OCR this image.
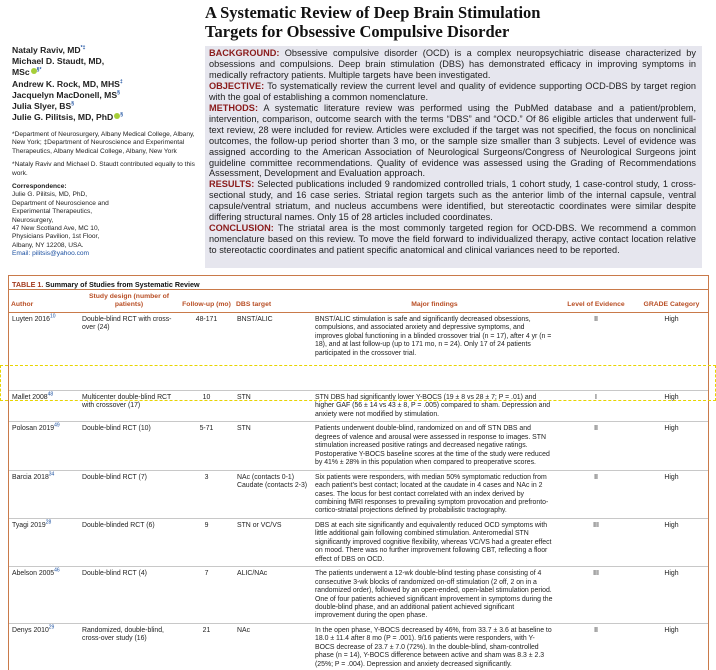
A Systematic Review of Deep Brain Stimulation
Targets for Obsessive Compulsive Disorder
Nataly Raviv, MD*‡
Michael D. Staudt, MD,
MSc §*
Andrew K. Rock, MD, MHS‡
Jacquelyn MacDonell, MS§
Julia Slyer, BS§
Julie G. Pilitsis, MD, PhD §

*Department of Neurosurgery, Albany Medical College, Albany, New York; ‡Department of Neuroscience and Experimental Therapeutics, Albany Medical College, Albany, New York

*Nataly Raviv and Michael D. Staudt contributed equally to this work.

Correspondence:
Julie G. Pilitsis, MD, PhD,
Department of Neuroscience and
Experimental Therapeutics,
Neurosurgery,
47 New Scotland Ave, MC 10,
Physicians Pavilion, 1st Floor,
Albany, NY 12208, USA.
Email: pilitsis@yahoo.com

BACKGROUND: Obsessive compulsive disorder (OCD) is a complex neuropsychiatric disease characterized by obsessions and compulsions. Deep brain stimulation (DBS) has demonstrated efficacy in improving symptoms in medically refractory patients. Multiple targets have been investigated.

OBJECTIVE: To systematically review the current level and quality of evidence supporting OCD-DBS by target region with the goal of establishing a common nomenclature.

METHODS: A systematic literature review was performed using the PubMed database and a patient/problem, intervention, comparison, outcome search with the terms “DBS” and “OCD.” Of 86 eligible articles that underwent full-text review, 28 were included for review. Articles were excluded if the target was not specified, the focus on nonclinical outcomes, the follow-up period shorter than 3 mo, or the sample size smaller than 3 subjects. Level of evidence was assigned according to the American Association of Neurological Surgeons/Congress of Neurological Surgeons joint guideline committee recommendations. Quality of evidence was assessed using the Grading of Recommendations Assessment, Development and Evaluation approach.

RESULTS: Selected publications included 9 randomized controlled trials, 1 cohort study, 1 case-control study, 1 cross-sectional study, and 16 case series. Striatal region targets such as the anterior limb of the internal capsule, ventral capsule/ventral striatum, and nucleus accumbens were identified, but stereotactic coordinates were similar despite differing structural names. Only 15 of 28 articles included coordinates.

CONCLUSION: The striatal area is the most commonly targeted region for OCD-DBS. We recommend a common nomenclature based on this review. To move the field forward to individualized therapy, active contact location relative to stereotactic coordinates and patient specific anatomical and clinical variances need to be reported.

TABLE 1. Summary of Studies from Systematic Review
Author	Study design (number of patients)	Follow-up (mo)	DBS target	Major findings	Level of Evidence	GRADE Category
Luyten 2016$^{10}$	Double-blind RCT with cross-over (24)	48-171	BNST/ALIC	BNST/ALIC stimulation is safe and significantly decreased obsessions, compulsions, and associated anxiety and depressive symptoms, and improves global functioning in a blinded crossover trial (n = 17), after 4 yr (n = 18), and at last follow-up (up to 171 mo, n = 24). Only 17 of 24 patients participated in the crossover trial.	II	High
Mallet 2008$^{48}$	Multicenter double-blind RCT with crossover (17)	10	STN	STN DBS had significantly lower Y-BOCS (19 ± 8 vs 28 ± 7; P = .01) and higher GAF (56 ± 14 vs 43 ± 8, P = .005) compared to sham. Depression and anxiety were not modified by stimulation.	I	High
Polosan 2019$^{49}$	Double-blind RCT (10)	5-71	STN	Patients underwent double-blind, randomized on and off STN DBS and degrees of valence and arousal were assessed in response to images. STN stimulation increased positive ratings and decreased negative ratings. Postoperative Y-BOCS baseline scores at the time of the study were reduced by 41% ± 28% in this population when compared to preoperative scores.	II	High
Barcia 2018$^{34}$	Double-blind RCT (7)	3	NAc (contacts 0-1) Caudate (contacts 2-3)	Six patients were responders, with median 50% symptomatic reduction from each patient’s best contact; located at the caudate in 4 cases and NAc in 2 cases. The locus for best contact correlated with an index derived by combining fMRI responses to prevailing symptom provocation and prefronto-cortico-striatal projections defined by probabilistic tractography.	II	High
Tyagi 2019$^{28}$	Double-blinded RCT (6)	9	STN or VC/VS	DBS at each site significantly and equivalently reduced OCD symptoms with little additional gain following combined stimulation. Anteromedial STN significantly improved cognitive flexibility, whereas VC/VS had a greater effect on mood. There was no further improvement following CBT, reflecting a floor effect of DBS on OCD.	III	High
Abelson 2005$^{46}$	Double-blind RCT (4)	7	ALIC/NAc	The patients underwent a 12-wk double-blind testing phase consisting of 4 consecutive 3-wk blocks of randomized on-off stimulation (2 off, 2 on in a randomized order), followed by an open-ended, open-label stimulation period. One of four patients achieved significant improvement in symptoms during the double-blind phase, and an additional patient achieved significant improvement during the open phase.	III	High
Denys 2010$^{29}$	Randomized, double-blind, cross-over study (16)	21	NAc	In the open phase, Y-BOCS decreased by 46%, from 33.7 ± 3.6 at baseline to 18.0 ± 11.4 after 8 mo (P = .001). 9/16 patients were responders, with Y-BOCS decrease of 23.7 ± 7.0 (72%). In the double-blind, sham-controlled phase (n = 14), Y-BOCS difference between active and sham was 8.3 ± 2.3 (25%; P = .004). Depression and anxiety decreased significantly.	II	High
